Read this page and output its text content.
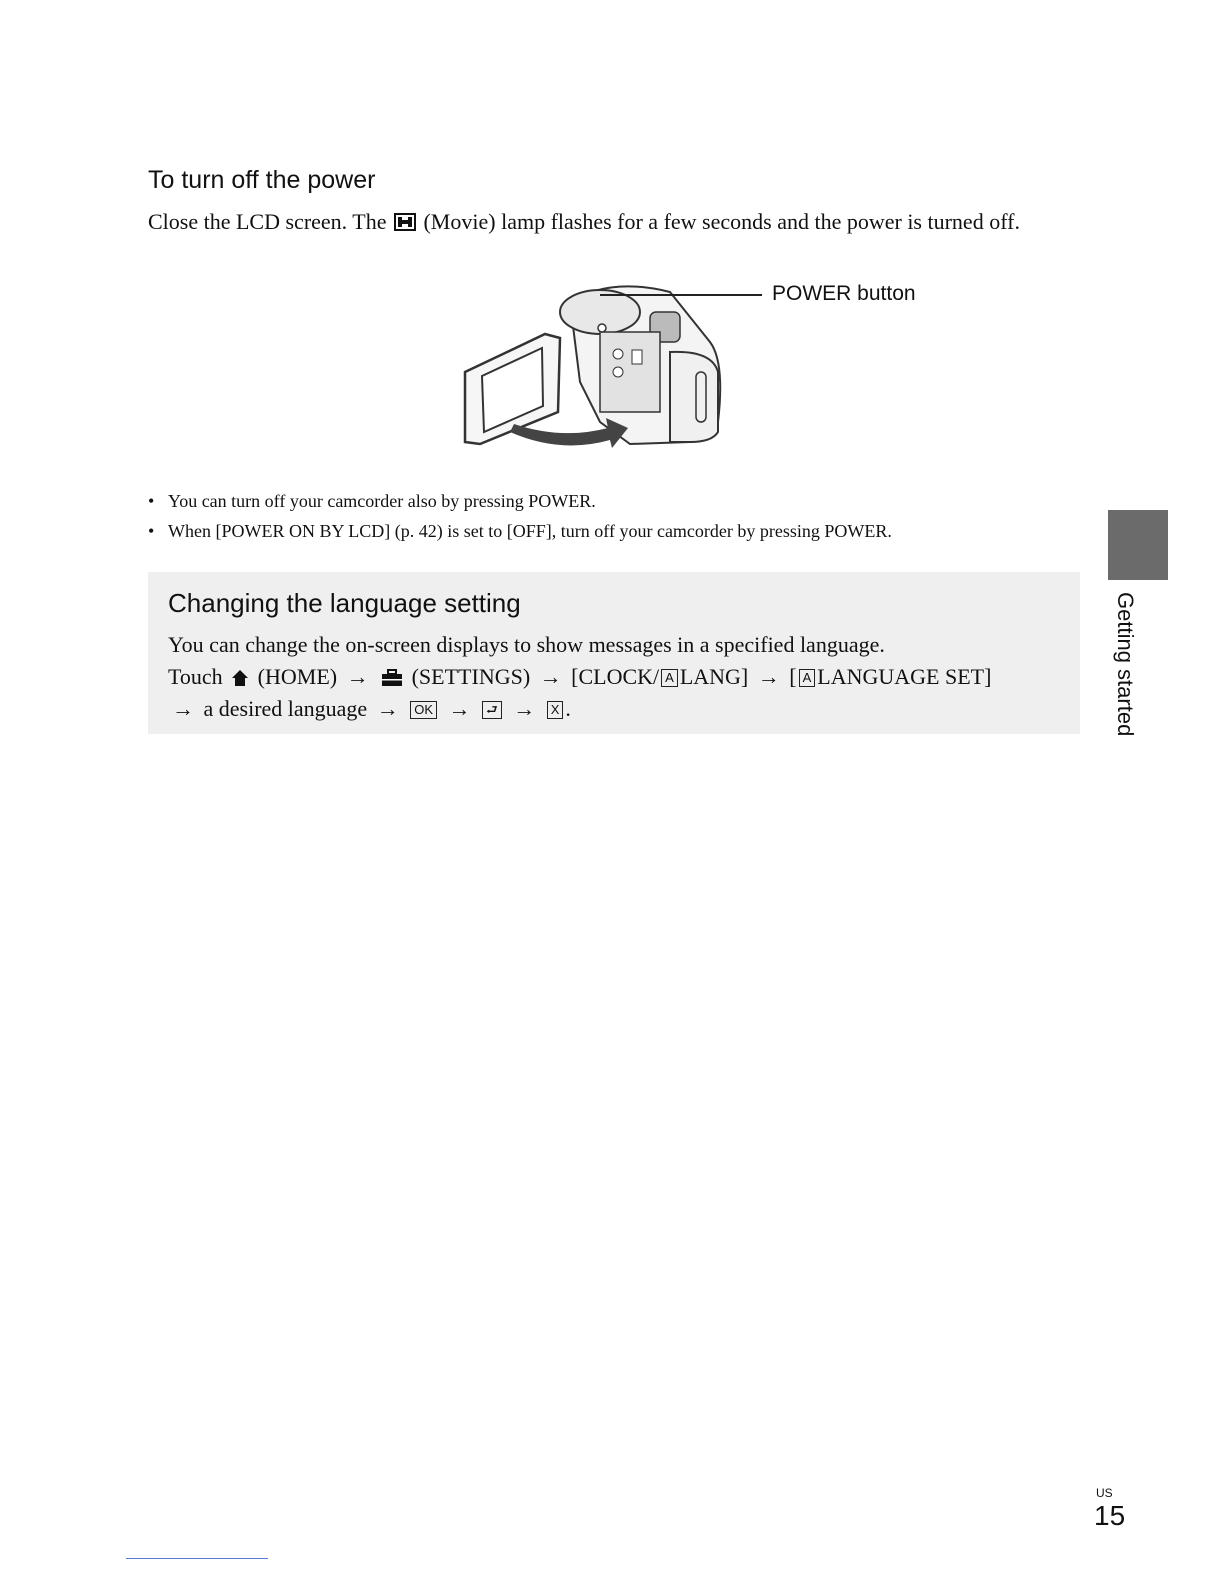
To turn off the power

Close the LCD screen. The (Movie) lamp flashes for a few seconds and the power is turned off.

POWER button
• You can turn off your camcorder also by pressing POWER.
• When [POWER ON BY LCD] (p. 42) is set to [OFF], turn off your camcorder by pressing POWER.
Changing the language setting
You can change the on-screen displays to show messages in a specified language.
Touch (HOME) → (SETTINGS) → [CLOCK/ A LANG] → [ A LANGUAGE SET]
→ a desired language → OK → ⮐ → X .	Getting started
US
15
